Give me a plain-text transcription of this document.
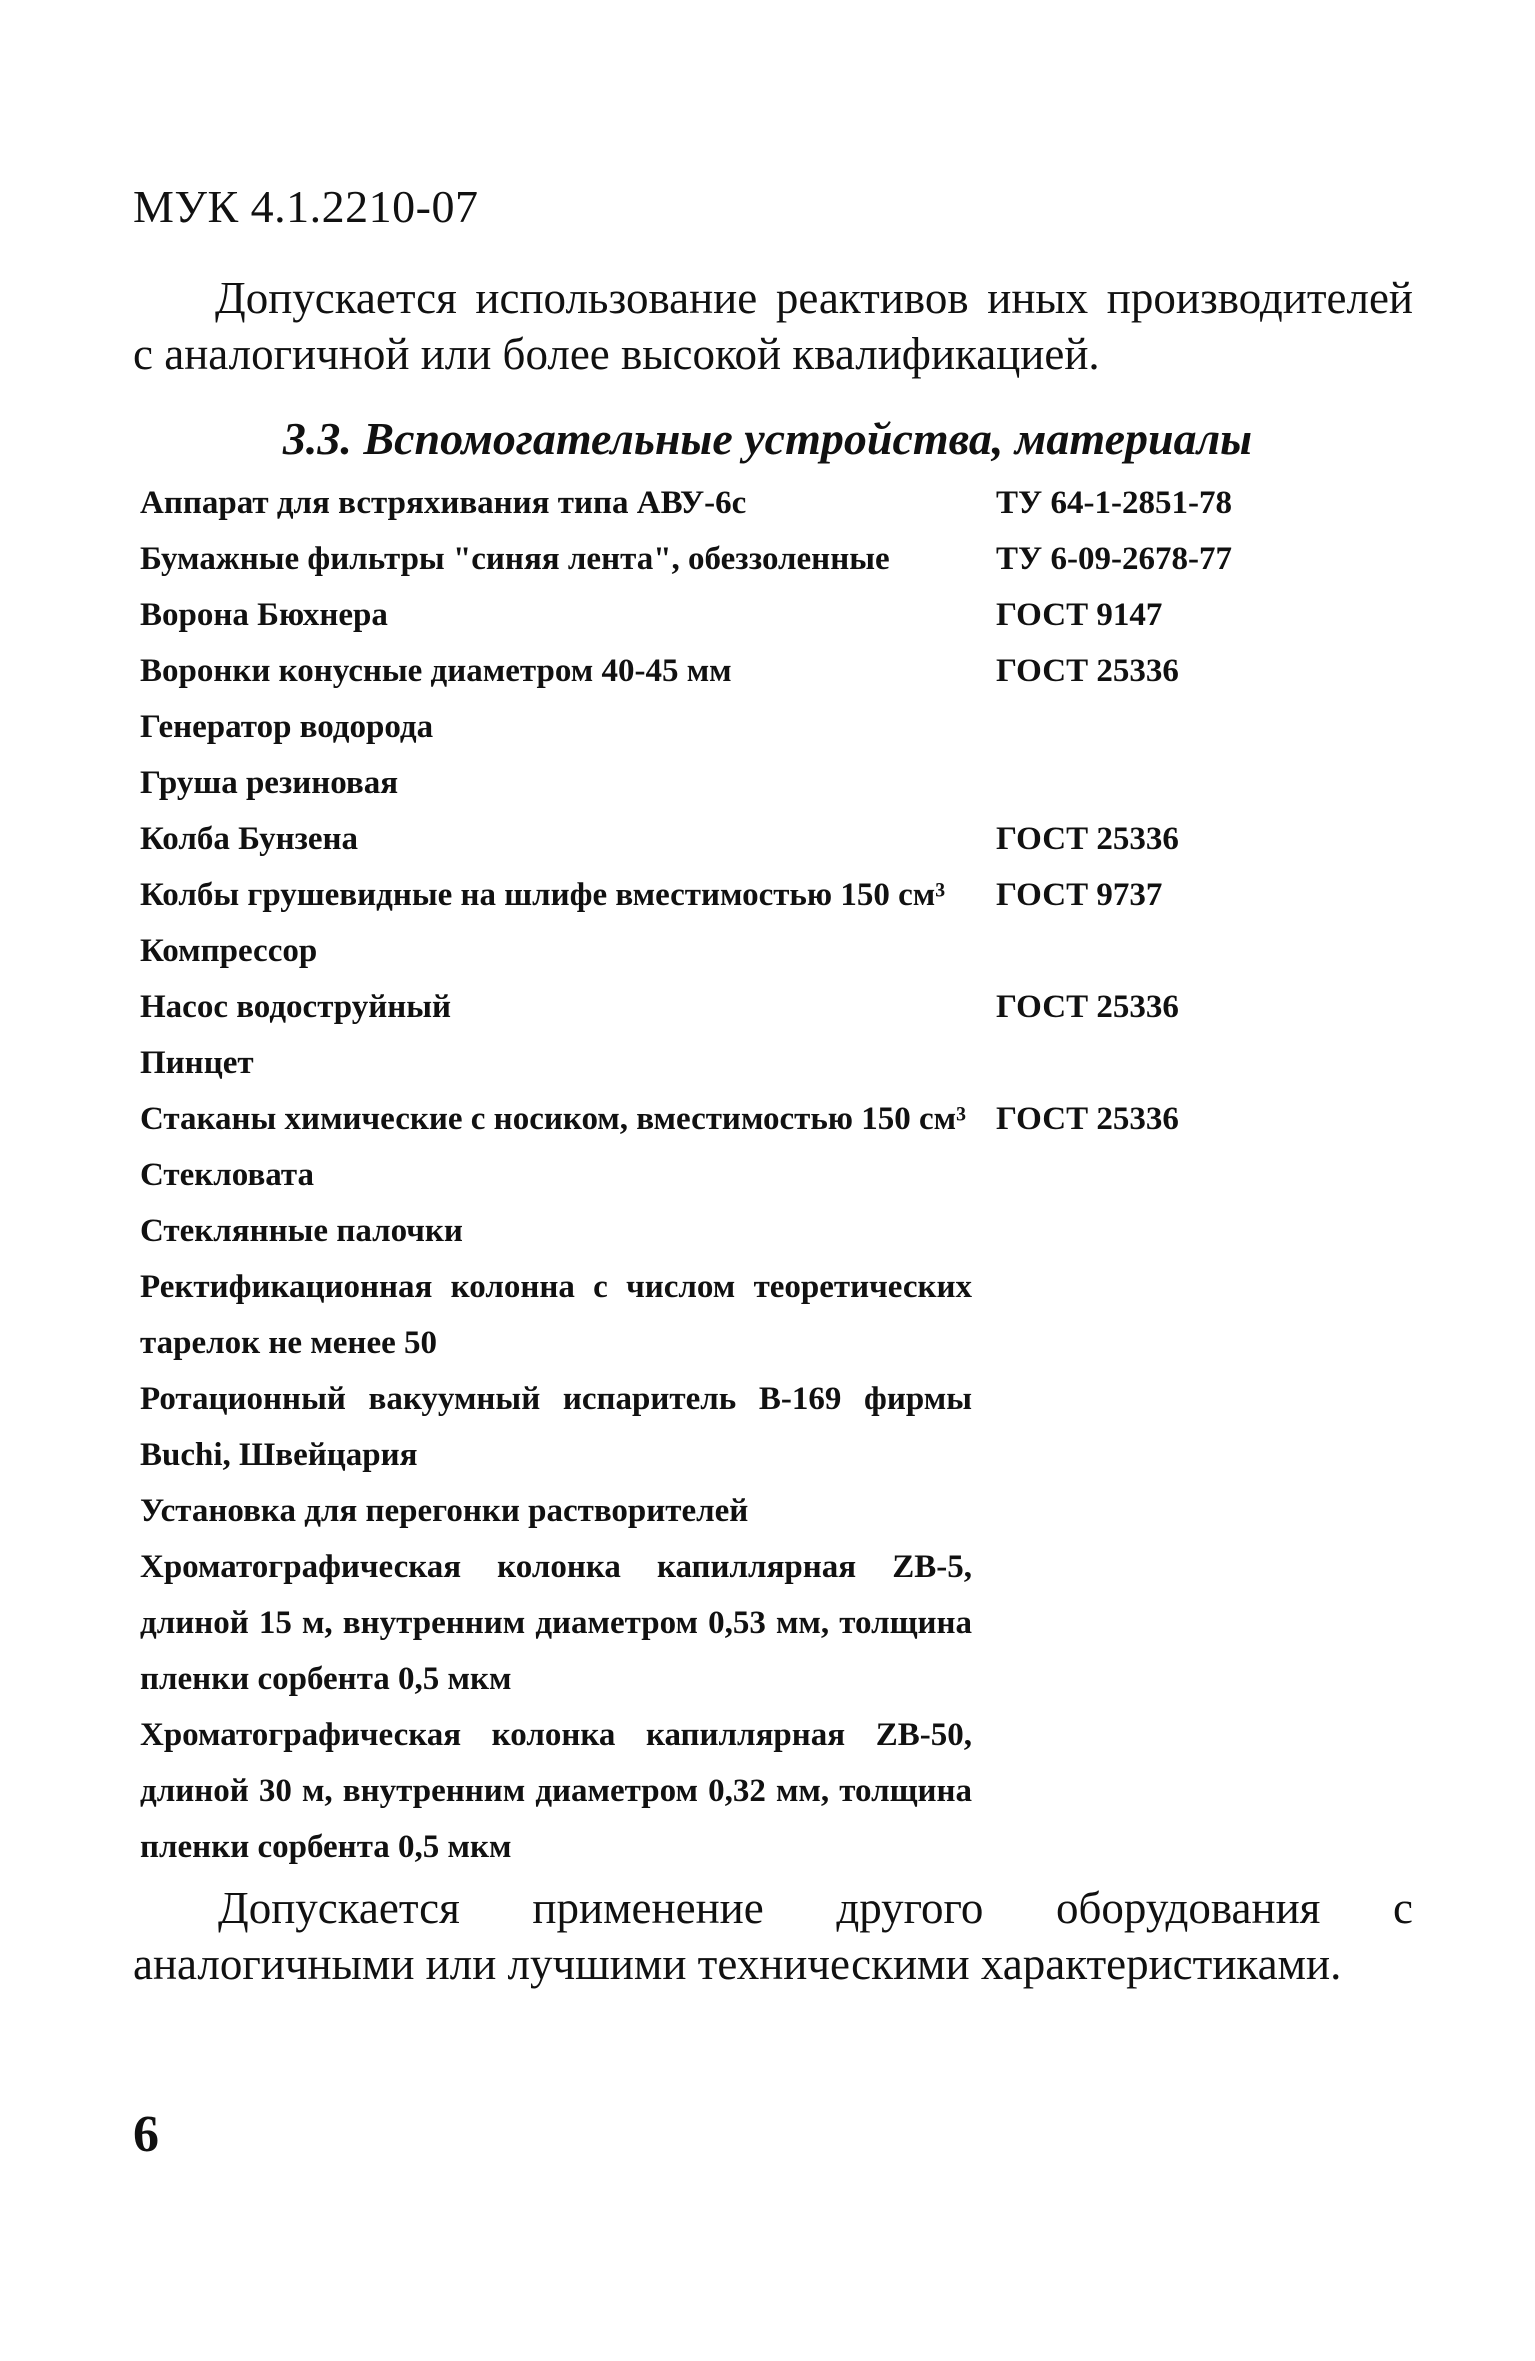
МУК 4.1.2210-07
Допускается использование реактивов иных производителей с аналогичной или более высокой квалификацией.
3.3. Вспомогательные устройства, материалы
Аппарат для встряхивания типа АВУ-6с	ТУ 64-1-2851-78
Бумажные фильтры "синяя лента", обеззоленные	ТУ 6-09-2678-77
Ворона Бюхнера	ГОСТ 9147
Воронки конусные диаметром 40-45 мм	ГОСТ 25336
Генератор водорода
Груша резиновая
Колба Бунзена	ГОСТ 25336
Колбы грушевидные на шлифе вместимостью 150 см³	ГОСТ 9737
Компрессор
Насос водоструйный	ГОСТ 25336
Пинцет
Стаканы химические с носиком, вместимостью 150 см³ ГОСТ 25336
Стекловата
Стеклянные палочки
Ректификационная колонна с числом теоретических тарелок не менее 50
Ротационный вакуумный испаритель В-169 фирмы Buchi, Швейцария
Установка для перегонки растворителей
Хроматографическая колонка капиллярная ZB-5, длиной 15 м, внутренним диаметром 0,53 мм, толщина пленки сорбента 0,5 мкм
Хроматографическая колонка капиллярная ZB-50, длиной 30 м, внутренним диаметром 0,32 мм, толщина пленки сорбента 0,5 мкм
Допускается применение другого оборудования с аналогичными или лучшими техническими характеристиками.
6
